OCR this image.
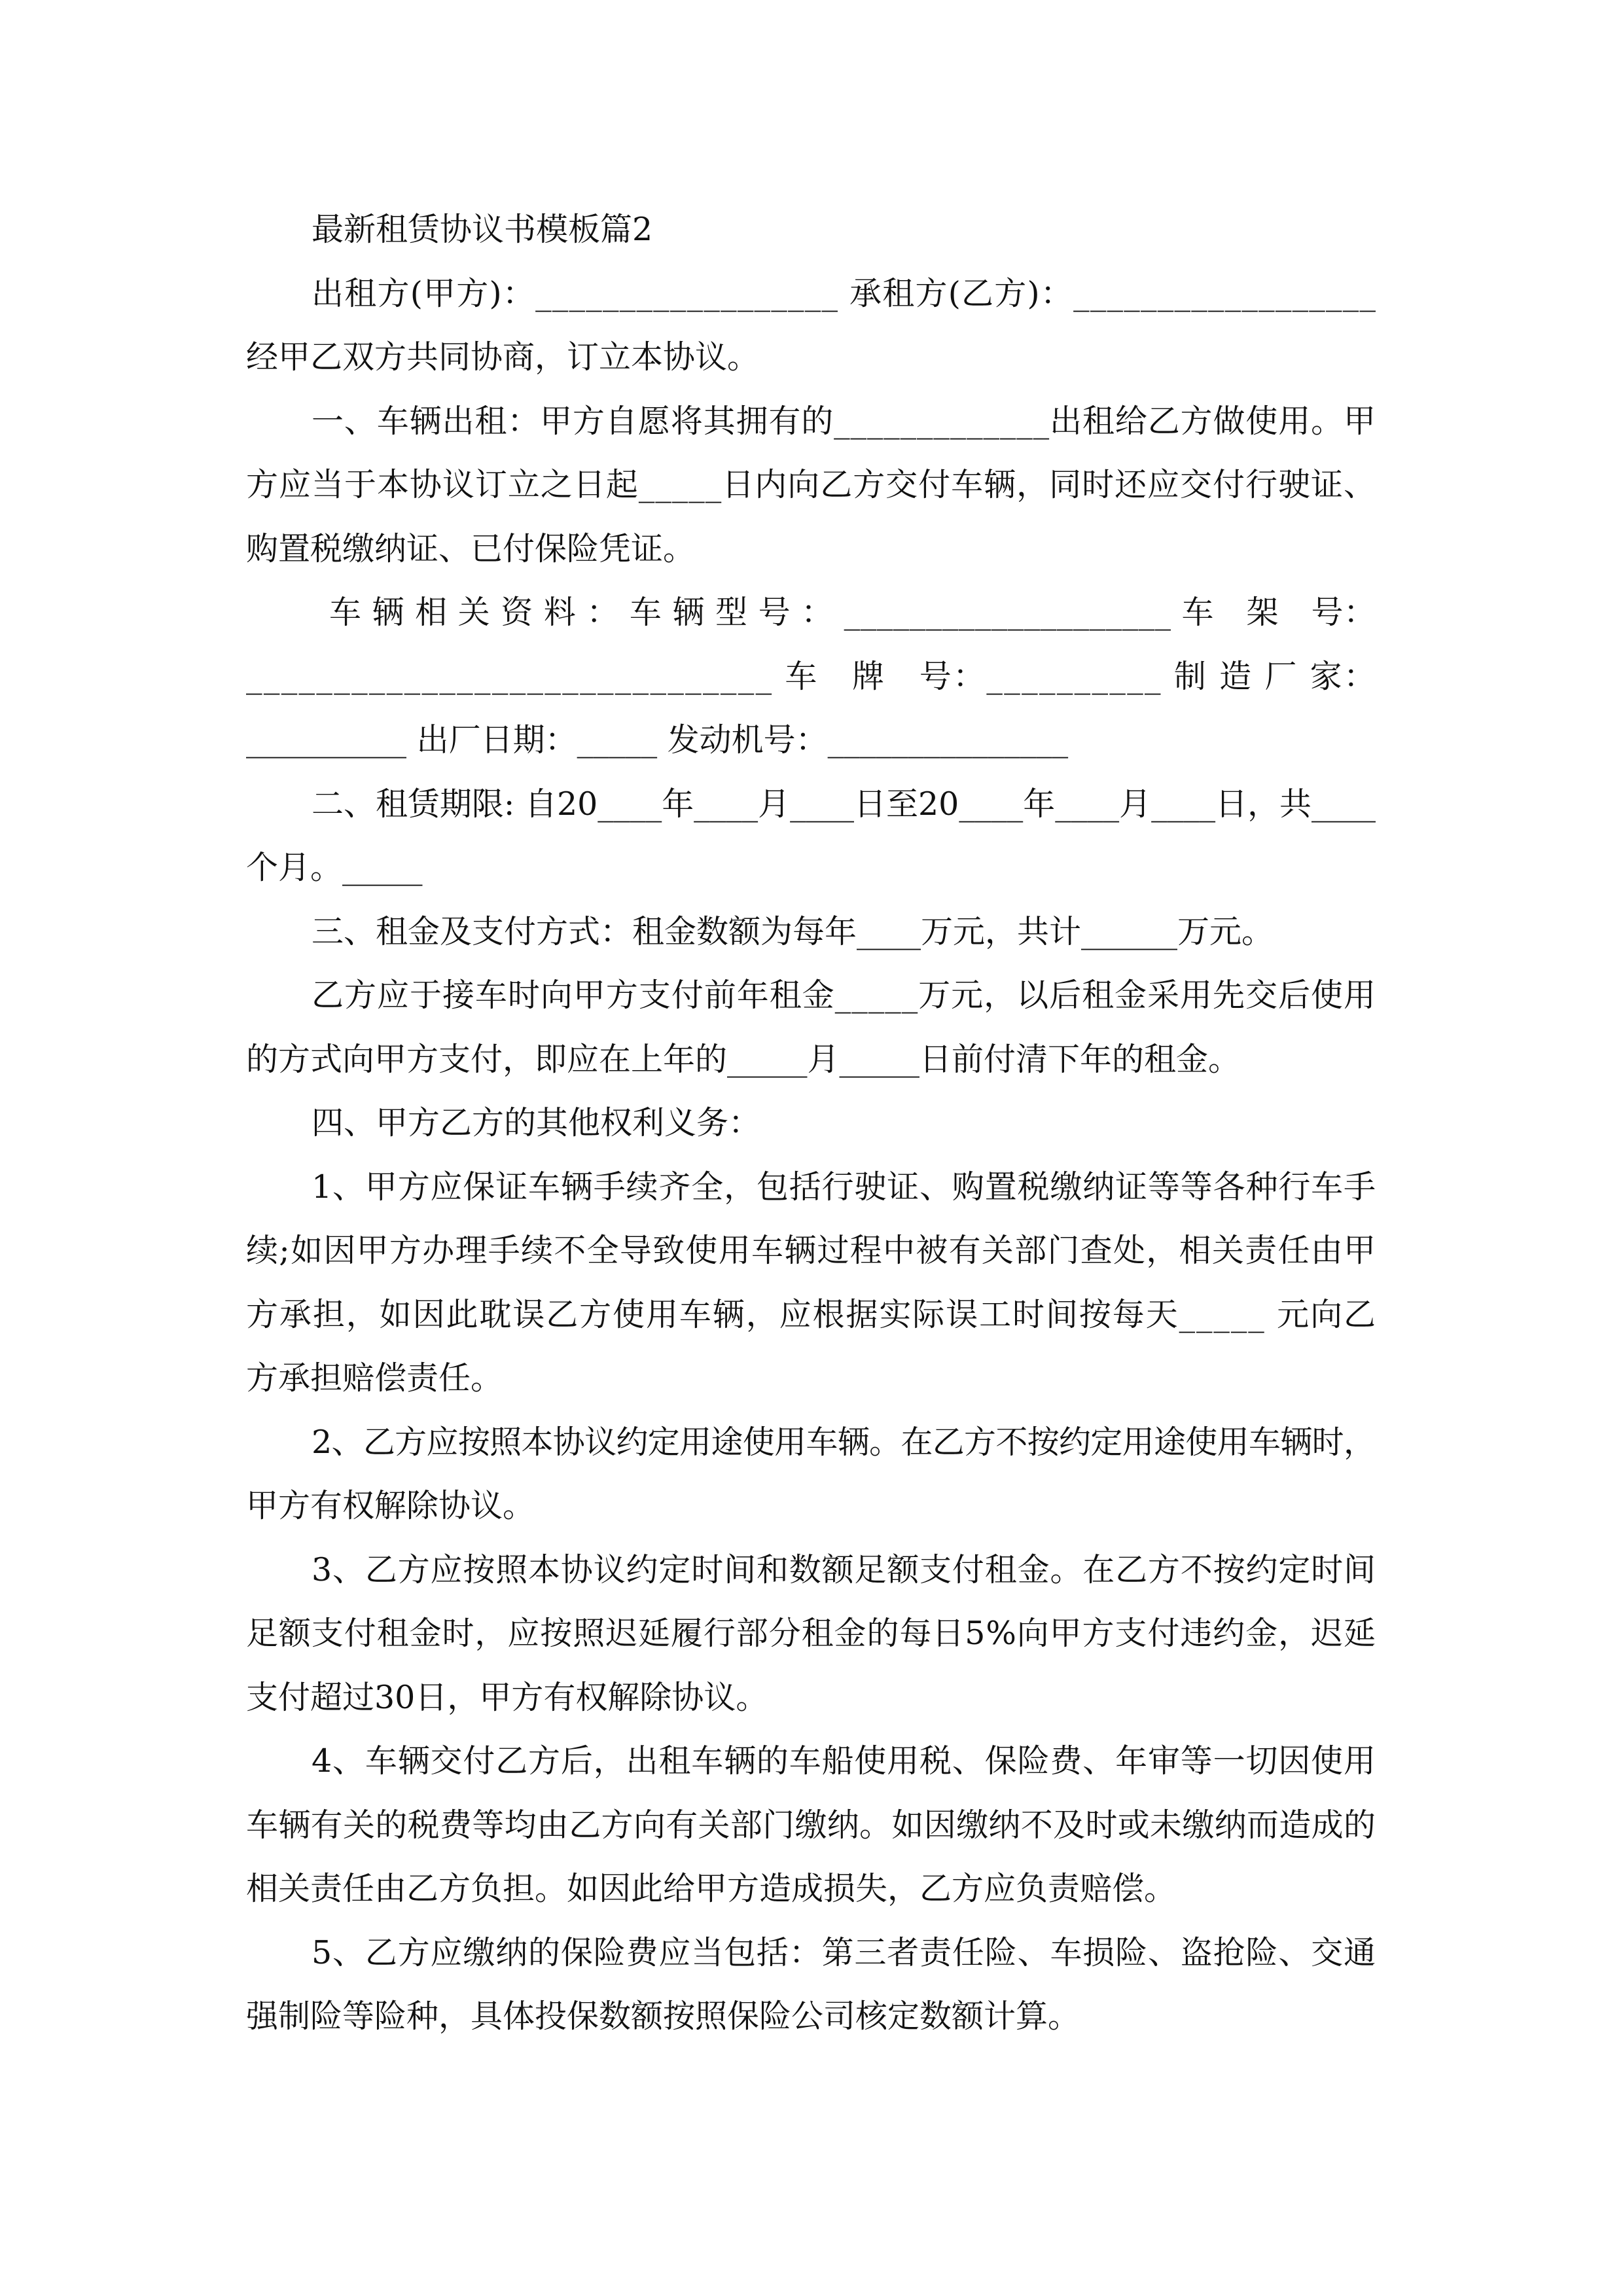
最新租赁协议书模板篇2
出租方(甲方)：__________________ 承租方(乙方)：__________________
经甲乙双方共同协商，订立本协议。
一、车辆出租：甲方自愿将其拥有的_____________出租给乙方做使用。甲
方应当于本协议订立之日起_____日内向乙方交付车辆，同时还应交付行驶证、
购置税缴纳证、已付保险凭证。
车 辆 相 关 资 料 ： 车 辆 型 号 ： ____________________ 车　架　号：
______________________________ 车　牌　号：__________ 制 造 厂 家：
__________ 出厂日期：_____ 发动机号：_______________
二、租赁期限: 自20____年____月____日至20____年____月____日，共____
个月。_____
三、租金及支付方式：租金数额为每年____万元，共计______万元。
乙方应于接车时向甲方支付前年租金_____万元，以后租金采用先交后使用
的方式向甲方支付，即应在上年的_____月_____日前付清下年的租金。
四、甲方乙方的其他权利义务：
1、甲方应保证车辆手续齐全，包括行驶证、购置税缴纳证等等各种行车手
续;如因甲方办理手续不全导致使用车辆过程中被有关部门查处，相关责任由甲
方承担，如因此耽误乙方使用车辆，应根据实际误工时间按每天_____ 元向乙
方承担赔偿责任。
2、乙方应按照本协议约定用途使用车辆。在乙方不按约定用途使用车辆时，
甲方有权解除协议。
3、乙方应按照本协议约定时间和数额足额支付租金。在乙方不按约定时间
足额支付租金时，应按照迟延履行部分租金的每日5%向甲方支付违约金，迟延
支付超过30日，甲方有权解除协议。
4、车辆交付乙方后，出租车辆的车船使用税、保险费、年审等一切因使用
车辆有关的税费等均由乙方向有关部门缴纳。如因缴纳不及时或未缴纳而造成的
相关责任由乙方负担。如因此给甲方造成损失，乙方应负责赔偿。
5、乙方应缴纳的保险费应当包括：第三者责任险、车损险、盗抢险、交通
强制险等险种，具体投保数额按照保险公司核定数额计算。
